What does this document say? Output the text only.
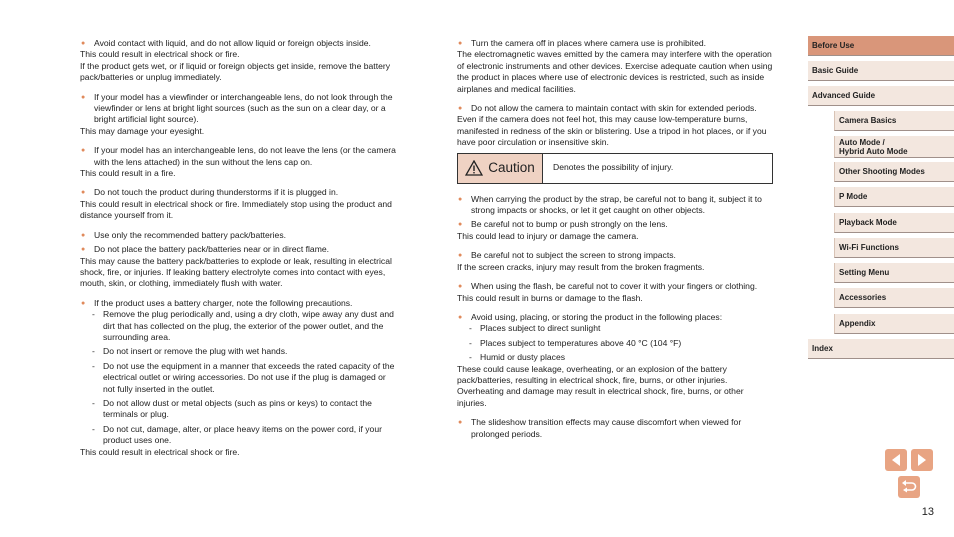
● Avoid contact with liquid, and do not allow liquid or foreign objects inside.
This could result in electrical shock or fire.
If the product gets wet, or if liquid or foreign objects get inside, remove the battery pack/batteries or unplug immediately.
● If your model has a viewfinder or interchangeable lens, do not look through the viewfinder or lens at bright light sources (such as the sun on a clear day, or a bright artificial light source).
This may damage your eyesight.
● If your model has an interchangeable lens, do not leave the lens (or the camera with the lens attached) in the sun without the lens cap on.
This could result in a fire.
● Do not touch the product during thunderstorms if it is plugged in.
This could result in electrical shock or fire. Immediately stop using the product and distance yourself from it.
● Use only the recommended battery pack/batteries.
● Do not place the battery pack/batteries near or in direct flame.
This may cause the battery pack/batteries to explode or leak, resulting in electrical shock, fire, or injuries. If leaking battery electrolyte comes into contact with eyes, mouth, skin, or clothing, immediately flush with water.
● If the product uses a battery charger, note the following precautions.
- Remove the plug periodically and, using a dry cloth, wipe away any dust and dirt that has collected on the plug, the exterior of the power outlet, and the surrounding area.
- Do not insert or remove the plug with wet hands.
- Do not use the equipment in a manner that exceeds the rated capacity of the electrical outlet or wiring accessories. Do not use if the plug is damaged or not fully inserted in the outlet.
- Do not allow dust or metal objects (such as pins or keys) to contact the terminals or plug.
- Do not cut, damage, alter, or place heavy items on the power cord, if your product uses one.
This could result in electrical shock or fire.
● Turn the camera off in places where camera use is prohibited.
The electromagnetic waves emitted by the camera may interfere with the operation of electronic instruments and other devices. Exercise adequate caution when using the product in places where use of electronic devices is restricted, such as inside airplanes and medical facilities.
● Do not allow the camera to maintain contact with skin for extended periods.
Even if the camera does not feel hot, this may cause low-temperature burns, manifested in redness of the skin or blistering. Use a tripod in hot places, or if you have poor circulation or insensitive skin.
Caution	Denotes the possibility of injury.
● When carrying the product by the strap, be careful not to bang it, subject it to strong impacts or shocks, or let it get caught on other objects.
● Be careful not to bump or push strongly on the lens.
This could lead to injury or damage the camera.
● Be careful not to subject the screen to strong impacts.
If the screen cracks, injury may result from the broken fragments.
● When using the flash, be careful not to cover it with your fingers or clothing.
This could result in burns or damage to the flash.
● Avoid using, placing, or storing the product in the following places:
- Places subject to direct sunlight
- Places subject to temperatures above 40 °C (104 °F)
- Humid or dusty places
These could cause leakage, overheating, or an explosion of the battery pack/batteries, resulting in electrical shock, fire, burns, or other injuries.
Overheating and damage may result in electrical shock, fire, burns, or other injuries.
● The slideshow transition effects may cause discomfort when viewed for prolonged periods.
Before Use
Basic Guide
Advanced Guide
Camera Basics
Auto Mode /
Hybrid Auto Mode
Other Shooting Modes
P Mode
Playback Mode
Wi-Fi Functions
Setting Menu
Accessories
Appendix
Index
13
